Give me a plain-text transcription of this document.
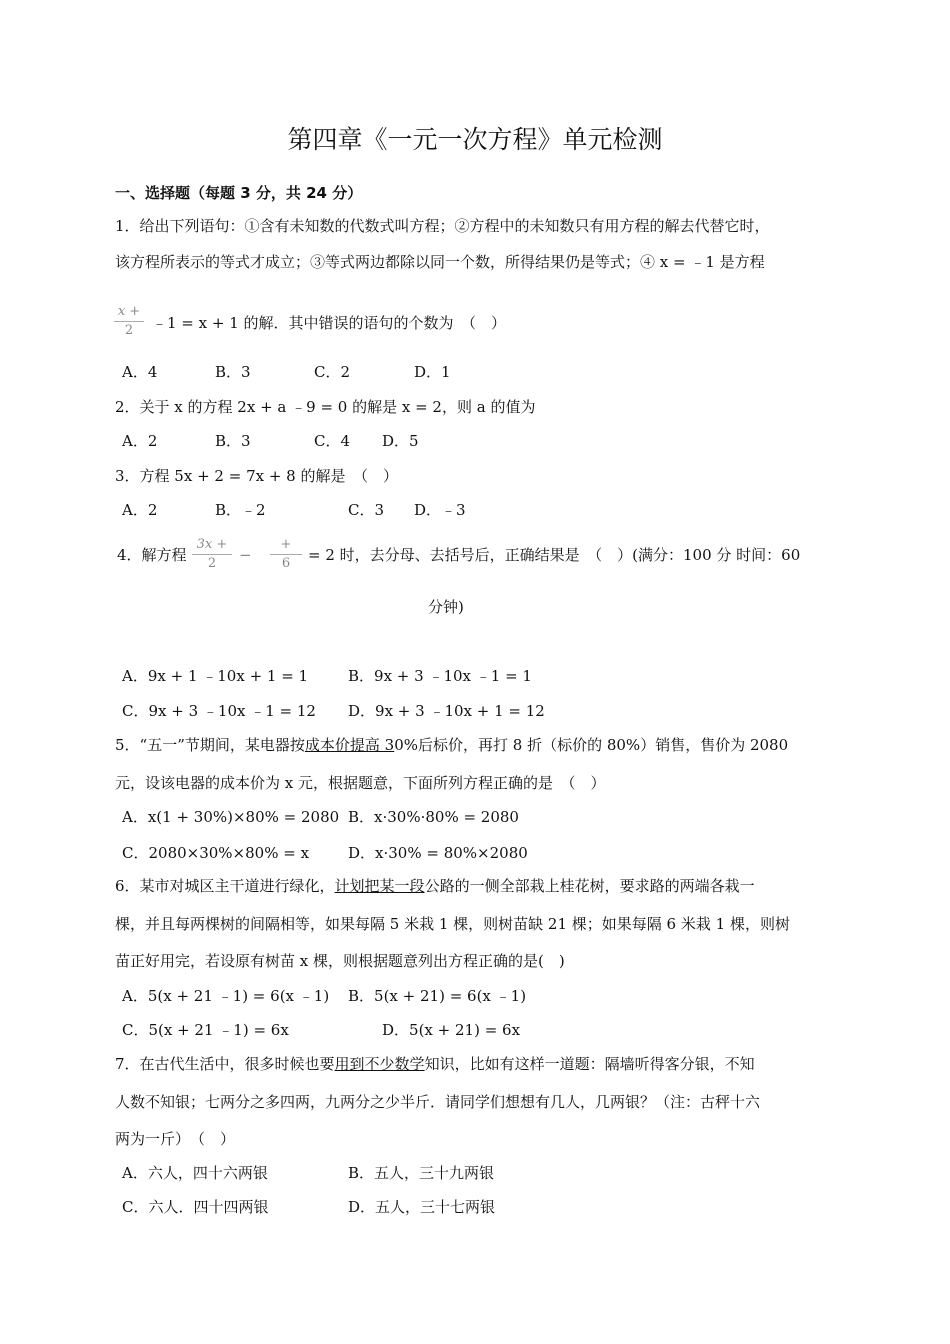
第四章《一元一次方程》单元检测
一、选择题（每题 3 分，共 24 分）
1．给出下列语句：①含有未知数的代数式叫方程；②方程中的未知数只有用方程的解去代替它时，
该方程所表示的等式才成立；③等式两边都除以同一个数，所得结果仍是等式；④ x = ﹣1 是方程
x +
2	﹣1 = x + 1 的解．其中错误的语句的个数为　（　）
A．4	B．3	C．2	D．1
2．关于 x 的方程 2x + a ﹣9 = 0 的解是 x = 2，则 a 的值为
A．2	B．3	C．4 D．5
3．方程 5x + 2 = 7x + 8 的解是　（　）
A．2	B．﹣2	C．3 D．﹣3
4．解方程
3x +
2	−
+
6	= 2 时，去分母、去括号后，正确结果是　（　）(满分：100 分 时间：60
分钟)
A．9x + 1 ﹣10x + 1 = 1	B．9x + 3 ﹣10x ﹣1 = 1
C．9x + 3 ﹣10x ﹣1 = 12 D．9x + 3 ﹣10x + 1 = 12
5．“五一”节期间，某电器按成本价提高 30%后标价，再打 8 折（标价的 80%）销售，售价为 2080
元，设该电器的成本价为 x 元，根据题意，下面所列方程正确的是　（　）
A．x(1 + 30%)×80% = 2080 B．x·30%·80% = 2080
C．2080×30%×80% = x	D．x·30% = 80%×2080
6．某市对城区主干道进行绿化，计划把某一段公路的一侧全部栽上桂花树，要求路的两端各栽一
棵，并且每两棵树的间隔相等，如果每隔 5 米栽 1 棵，则树苗缺 21 棵；如果每隔 6 米栽 1 棵，则树
苗正好用完，若设原有树苗 x 棵，则根据题意列出方程正确的是(　)
A．5(x + 21 ﹣1) = 6(x ﹣1) B．5(x + 21) = 6(x ﹣1)
C．5(x + 21 ﹣1) = 6x	D．5(x + 21) = 6x
7．在古代生活中，很多时候也要用到不少数学知识，比如有这样一道题：隔墙听得客分银，不知
人数不知银；七两分之多四两，九两分之少半斤．请同学们想想有几人，几两银？（注：古秤十六
两为一斤）　（　）
A．六人，四十六两银	B．五人，三十九两银
C．六人．四十四两银	D．五人，三十七两银
